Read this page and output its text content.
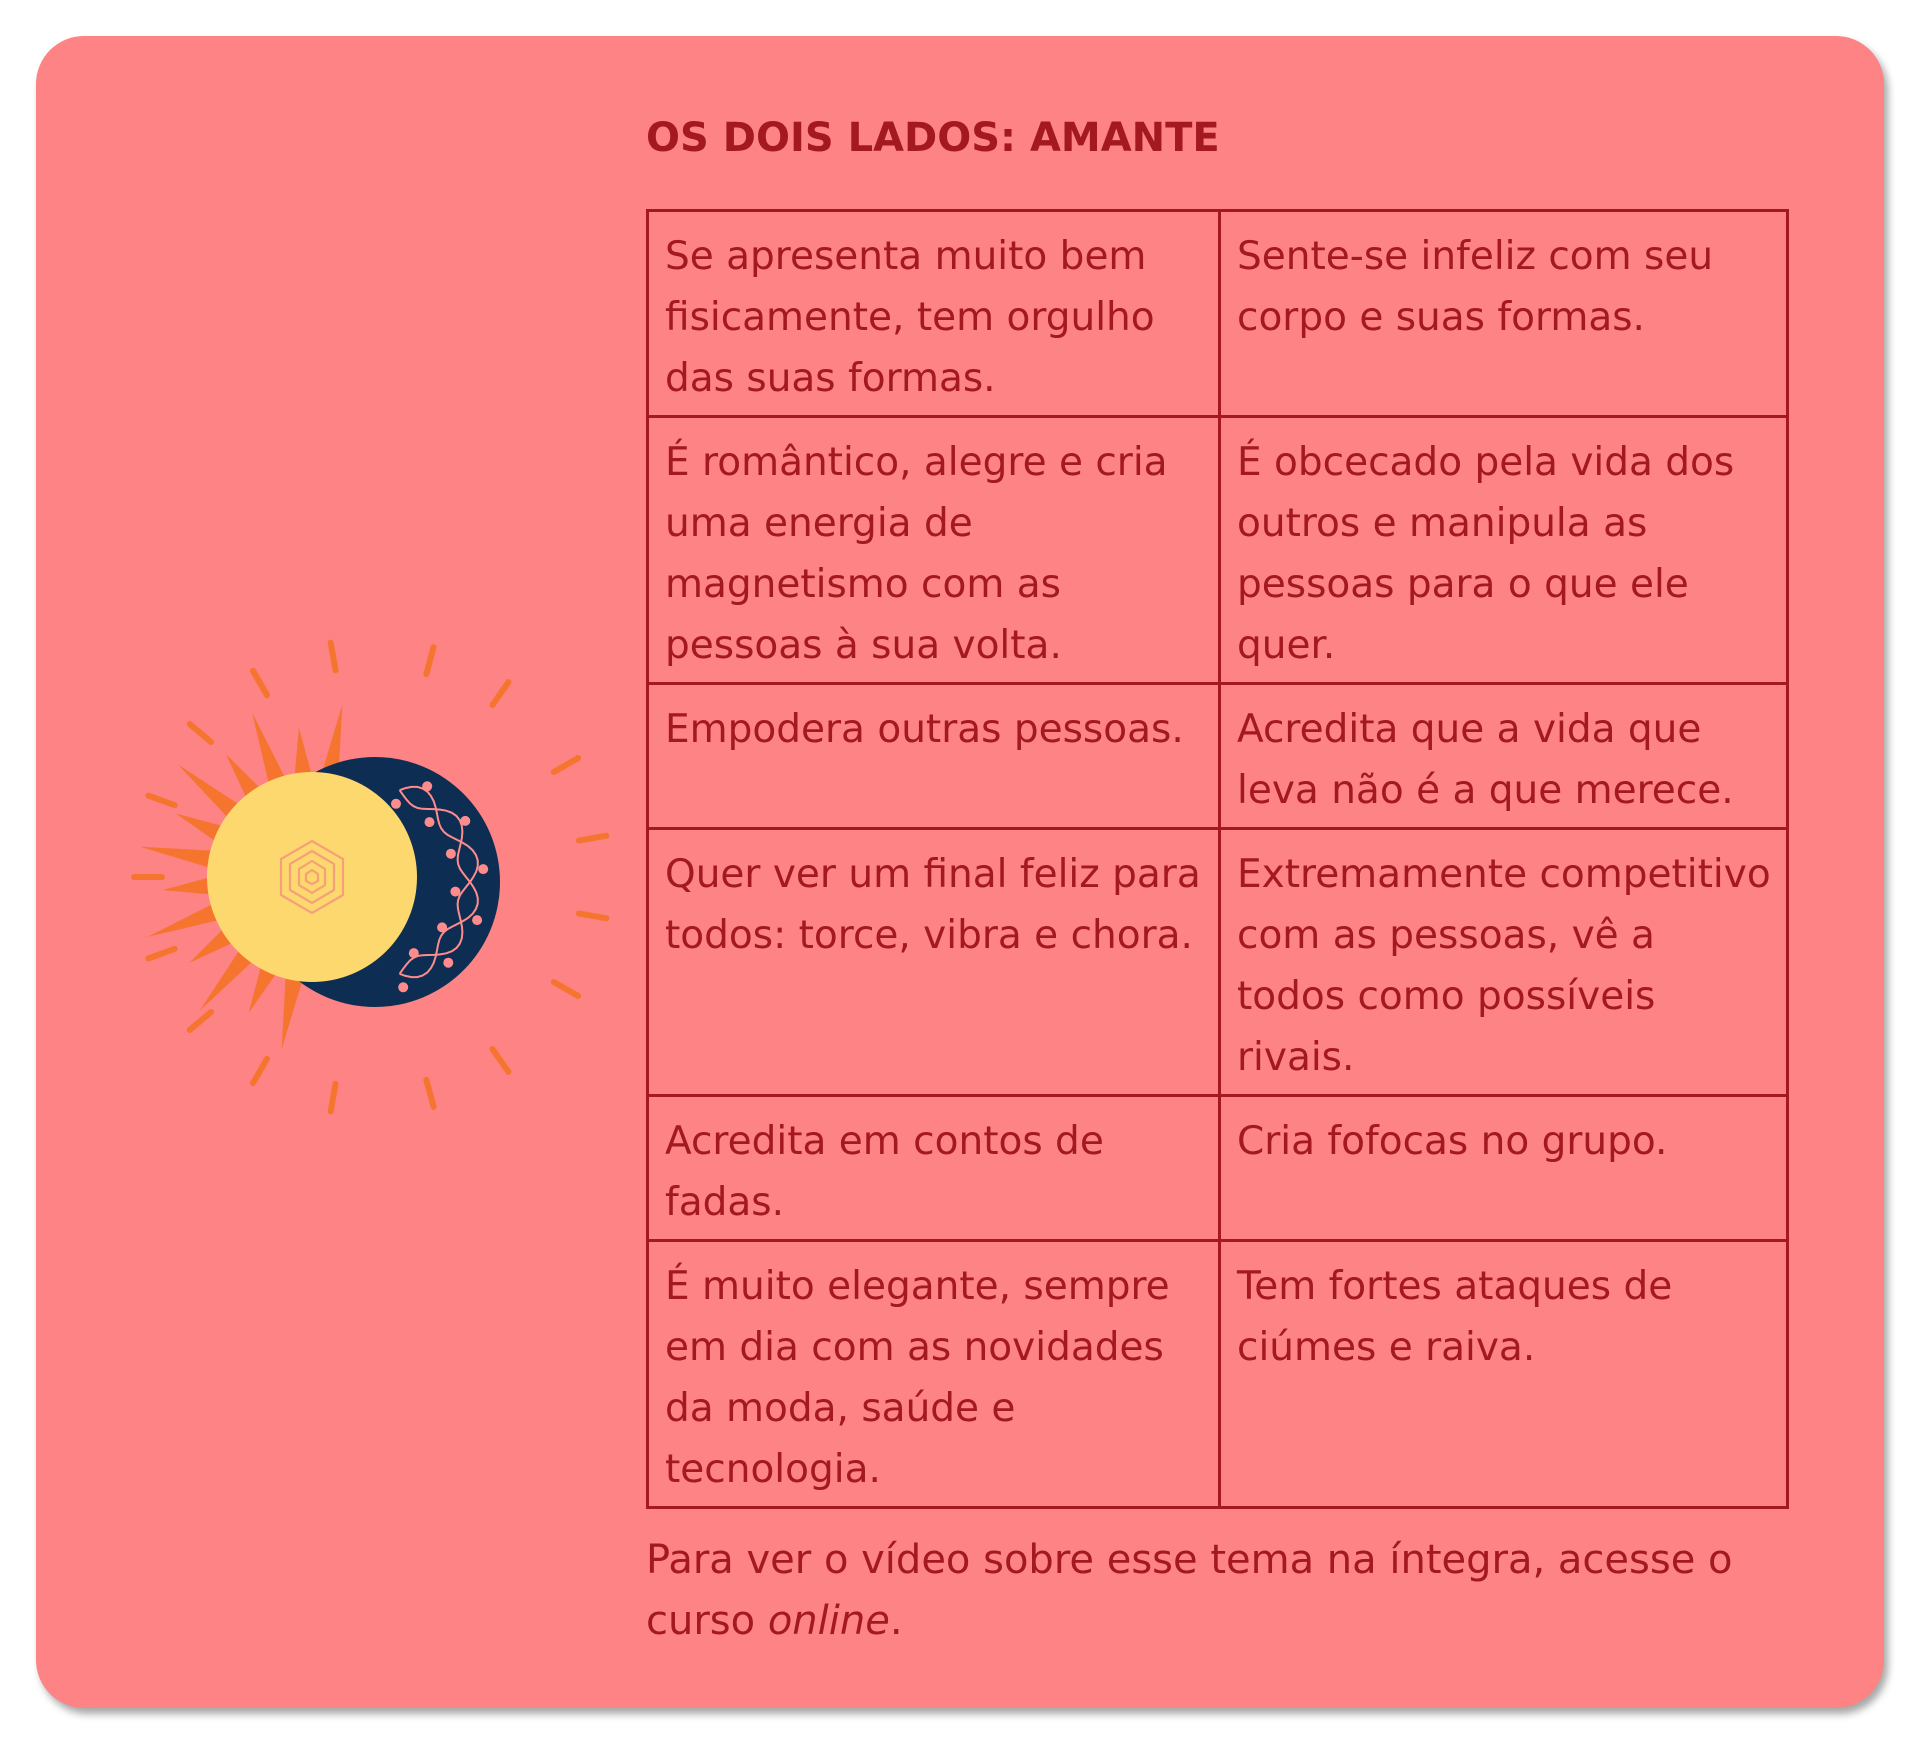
OS DOIS LADOS: AMANTE
Se apresenta muito bem fisicamente, tem orgulho das suas formas.	Sente-se infeliz com seu corpo e suas formas.
É romântico, alegre e cria uma energia de magnetismo com as pessoas à sua volta.	É obcecado pela vida dos outros e manipula as pessoas para o que ele quer.
Empodera outras pessoas.	Acredita que a vida que leva não é a que merece.
Quer ver um final feliz para todos: torce, vibra e chora.	Extremamente competitivo com as pessoas, vê a todos como possíveis rivais.
Acredita em contos de fadas.	Cria fofocas no grupo.
É muito elegante, sempre em dia com as novidades da moda, saúde e tecnologia.	Tem fortes ataques de ciúmes e raiva.

Para ver o vídeo sobre esse tema na íntegra, acesse o curso online.
